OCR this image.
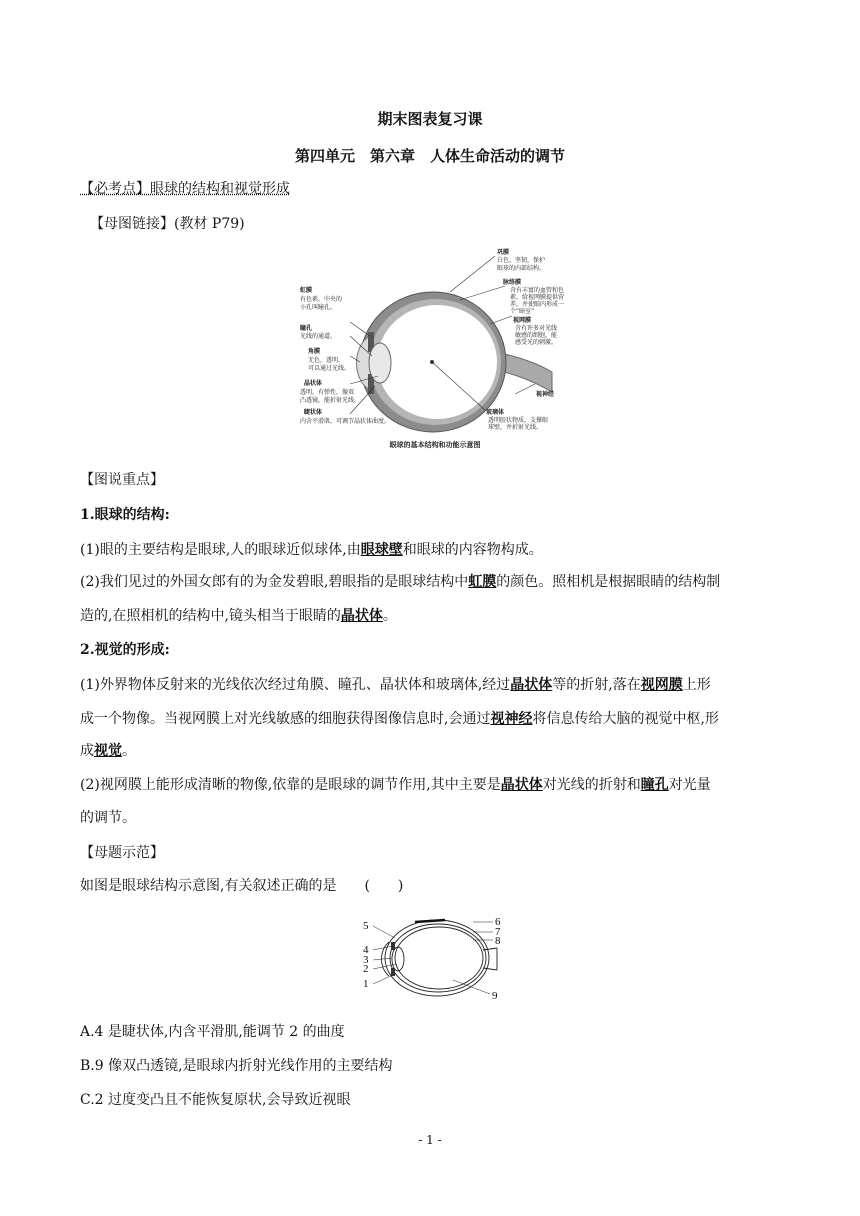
期末图表复习课
第四单元　第六章　人体生命活动的调节
【必考点】眼球的结构和视觉形成
【母图链接】(教材 P79)
巩膜
白色，坚韧，保护
眼球的内部结构。
脉络膜
含有丰富的血管和色
素，给视网膜提供营
养，并使眼内形成一
个“暗室”
视网膜
含有许多对光线
敏感的细胞，能
感受光的刺激。
视神经
玻璃体
透明胶状物质，支撑眼
球壁，并折射光线。
虹膜
有色素，中央的
小孔叫瞳孔。
瞳孔
光线的通道。
角膜
无色，透明，
可以通过光线。
晶状体
透明，有弹性，像双
凸透镜，能折射光线。
睫状体
内含平滑肌，可调节晶状体曲度。
眼球的基本结构和功能示意图
【图说重点】
1.眼球的结构:
(1)眼的主要结构是眼球,人的眼球近似球体,由眼球壁和眼球的内容物构成。
(2)我们见过的外国女郎有的为金发碧眼,碧眼指的是眼球结构中虹膜的颜色。照相机是根据眼睛的结构制
造的,在照相机的结构中,镜头相当于眼睛的晶状体。
2.视觉的形成:
(1)外界物体反射来的光线依次经过角膜、瞳孔、晶状体和玻璃体,经过晶状体等的折射,落在视网膜上形
成一个物像。当视网膜上对光线敏感的细胞获得图像信息时,会通过视神经将信息传给大脑的视觉中枢,形
成视觉。
(2)视网膜上能形成清晰的物像,依靠的是眼球的调节作用,其中主要是晶状体对光线的折射和瞳孔对光量
的调节。
【母题示范】
如图是眼球结构示意图,有关叙述正确的是　　(　　)
5
4
3
2
1
6
7
8
9
A.4 是睫状体,内含平滑肌,能调节 2 的曲度
B.9 像双凸透镜,是眼球内折射光线作用的主要结构
C.2 过度变凸且不能恢复原状,会导致近视眼
- 1 -
